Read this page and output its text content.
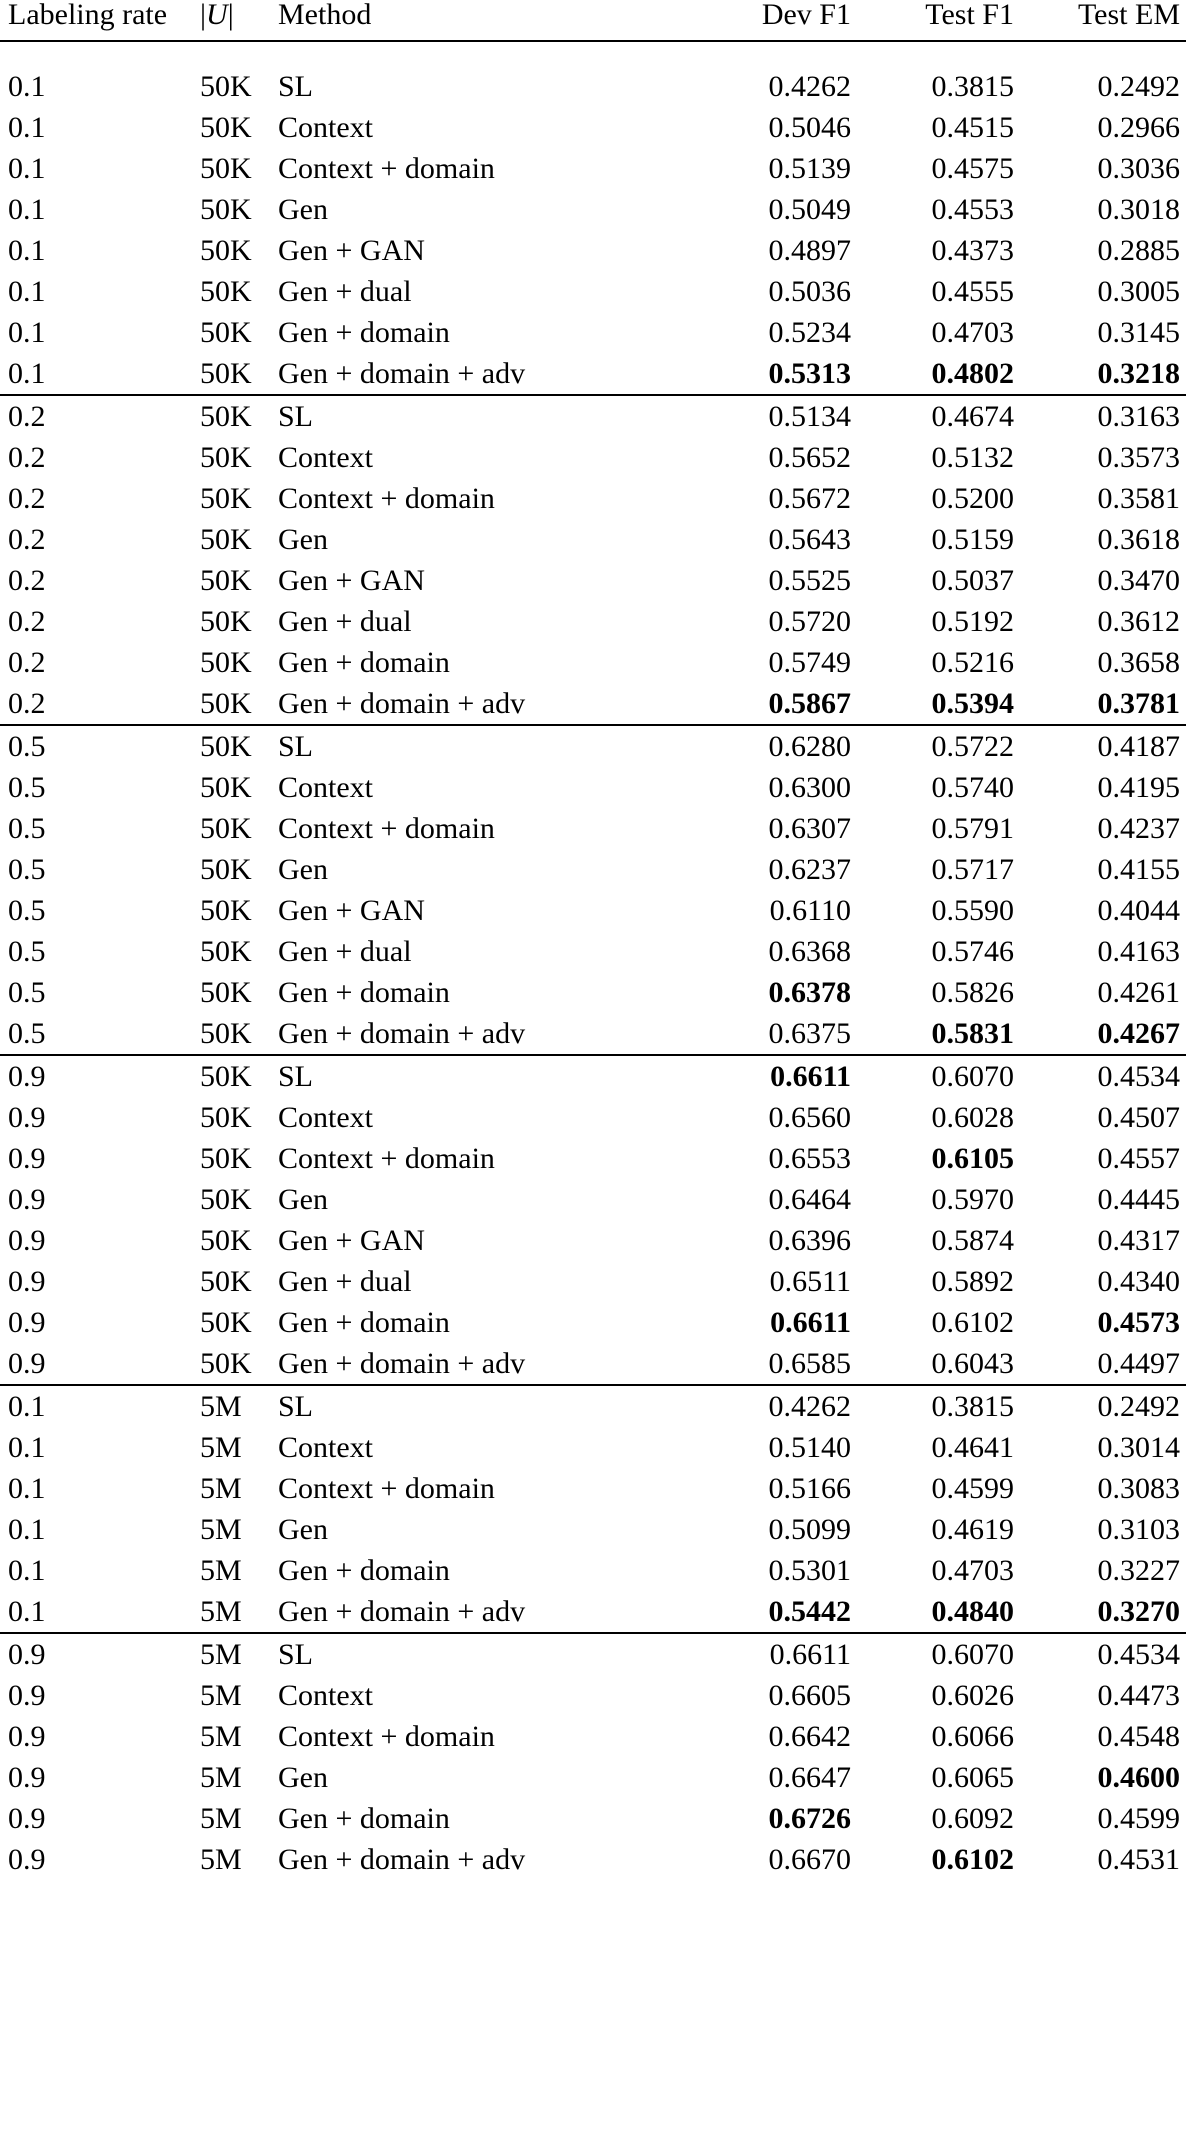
Labeling rate	|U|	Method	Dev F1	Test F1	Test EM

0.1	50K	SL	0.4262	0.3815	0.2492
0.1	50K	Context	0.5046	0.4515	0.2966
0.1	50K	Context + domain	0.5139	0.4575	0.3036
0.1	50K	Gen	0.5049	0.4553	0.3018
0.1	50K	Gen + GAN	0.4897	0.4373	0.2885
0.1	50K	Gen + dual	0.5036	0.4555	0.3005
0.1	50K	Gen + domain	0.5234	0.4703	0.3145
0.1	50K	Gen + domain + adv	0.5313	0.4802	0.3218
0.2	50K	SL	0.5134	0.4674	0.3163
0.2	50K	Context	0.5652	0.5132	0.3573
0.2	50K	Context + domain	0.5672	0.5200	0.3581
0.2	50K	Gen	0.5643	0.5159	0.3618
0.2	50K	Gen + GAN	0.5525	0.5037	0.3470
0.2	50K	Gen + dual	0.5720	0.5192	0.3612
0.2	50K	Gen + domain	0.5749	0.5216	0.3658
0.2	50K	Gen + domain + adv	0.5867	0.5394	0.3781
0.5	50K	SL	0.6280	0.5722	0.4187
0.5	50K	Context	0.6300	0.5740	0.4195
0.5	50K	Context + domain	0.6307	0.5791	0.4237
0.5	50K	Gen	0.6237	0.5717	0.4155
0.5	50K	Gen + GAN	0.6110	0.5590	0.4044
0.5	50K	Gen + dual	0.6368	0.5746	0.4163
0.5	50K	Gen + domain	0.6378	0.5826	0.4261
0.5	50K	Gen + domain + adv	0.6375	0.5831	0.4267
0.9	50K	SL	0.6611	0.6070	0.4534
0.9	50K	Context	0.6560	0.6028	0.4507
0.9	50K	Context + domain	0.6553	0.6105	0.4557
0.9	50K	Gen	0.6464	0.5970	0.4445
0.9	50K	Gen + GAN	0.6396	0.5874	0.4317
0.9	50K	Gen + dual	0.6511	0.5892	0.4340
0.9	50K	Gen + domain	0.6611	0.6102	0.4573
0.9	50K	Gen + domain + adv	0.6585	0.6043	0.4497
0.1	5M	SL	0.4262	0.3815	0.2492
0.1	5M	Context	0.5140	0.4641	0.3014
0.1	5M	Context + domain	0.5166	0.4599	0.3083
0.1	5M	Gen	0.5099	0.4619	0.3103
0.1	5M	Gen + domain	0.5301	0.4703	0.3227
0.1	5M	Gen + domain + adv	0.5442	0.4840	0.3270
0.9	5M	SL	0.6611	0.6070	0.4534
0.9	5M	Context	0.6605	0.6026	0.4473
0.9	5M	Context + domain	0.6642	0.6066	0.4548
0.9	5M	Gen	0.6647	0.6065	0.4600
0.9	5M	Gen + domain	0.6726	0.6092	0.4599
0.9	5M	Gen + domain + adv	0.6670	0.6102	0.4531
